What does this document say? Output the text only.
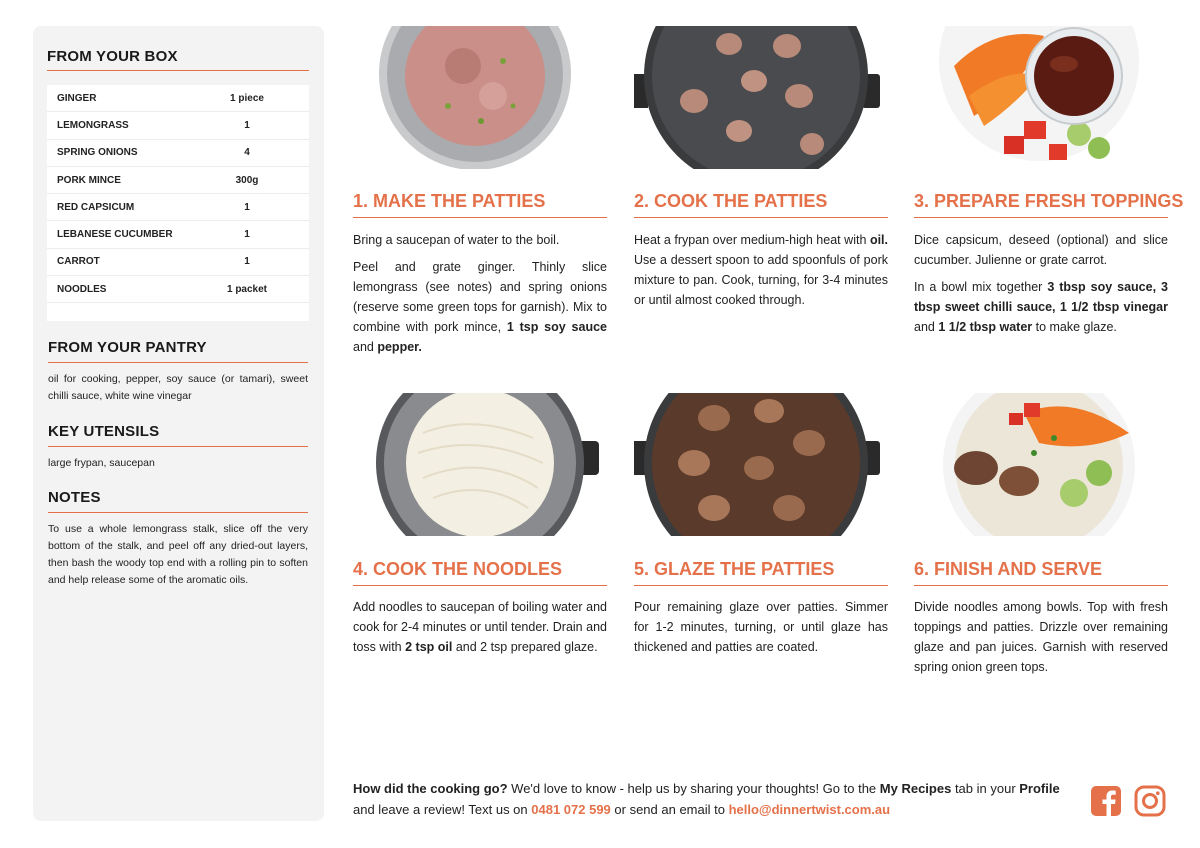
FROM YOUR BOX
GINGER	1 piece
LEMONGRASS	1
SPRING ONIONS	4
PORK MINCE	300g
RED CAPSICUM	1
LEBANESE CUCUMBER	1
CARROT	1
NOODLES	1 packet
FROM YOUR PANTRY

oil for cooking, pepper, soy sauce (or tamari), sweet chilli sauce, white wine vinegar

KEY UTENSILS

large frypan, saucepan

NOTES

To use a whole lemongrass stalk, slice off the very bottom of the stalk, and peel off any dried-out layers, then bash the woody top end with a rolling pin to soften and help release some of the aromatic oils.

1. MAKE THE PATTIES	2. COOK THE PATTIES	3. PREPARE FRESH TOPPINGS
4. COOK THE NOODLES	5. GLAZE THE PATTIES	6. FINISH AND SERVE

Bring a saucepan of water to the boil.

Peel and grate ginger. Thinly slice lemongrass (see notes) and spring onions (reserve some green tops for garnish). Mix to combine with pork mince, 1 tsp soy sauce and pepper.

Heat a frypan over medium-high heat with oil. Use a dessert spoon to add spoonfuls of pork mixture to pan. Cook, turning, for 3-4 minutes or until almost cooked through.

Dice capsicum, deseed (optional) and slice cucumber. Julienne or grate carrot.

In a bowl mix together 3 tbsp soy sauce, 3 tbsp sweet chilli sauce, 1 1/2 tbsp vinegar and 1 1/2 tbsp water to make glaze.

Add noodles to saucepan of boiling water and cook for 2-4 minutes or until tender. Drain and toss with 2 tsp oil and 2 tsp prepared glaze.

Pour remaining glaze over patties. Simmer for 1-2 minutes, turning, or until glaze has thickened and patties are coated.

Divide noodles among bowls. Top with fresh toppings and patties. Drizzle over remaining glaze and pan juices. Garnish with reserved spring onion green tops.

How did the cooking go? We'd love to know - help us by sharing your thoughts! Go to the My Recipes tab in your Profile and leave a review! Text us on 0481 072 599 or send an email to hello@dinnertwist.com.au
